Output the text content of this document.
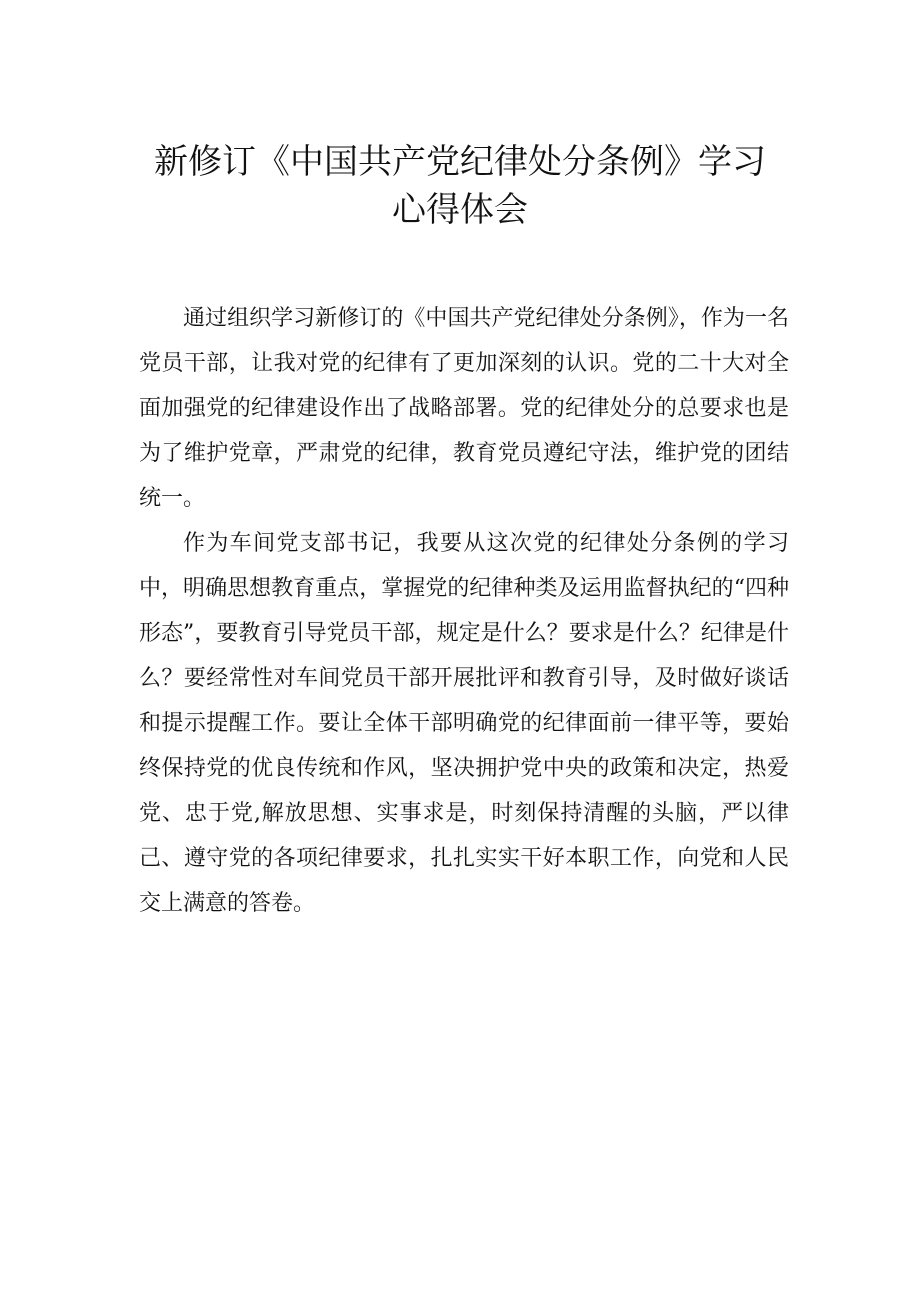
新修订《中国共产党纪律处分条例》学习
心得体会

通过组织学习新修订的《中国共产党纪律处分条例》，作为一名党员干部，让我对党的纪律有了更加深刻的认识。党的二十大对全面加强党的纪律建设作出了战略部署。党的纪律处分的总要求也是为了维护党章，严肃党的纪律，教育党员遵纪守法，维护党的团结统一。

作为车间党支部书记，我要从这次党的纪律处分条例的学习中，明确思想教育重点，掌握党的纪律种类及运用监督执纪的“四种形态”，要教育引导党员干部，规定是什么？要求是什么？纪律是什么？要经常性对车间党员干部开展批评和教育引导，及时做好谈话和提示提醒工作。要让全体干部明确党的纪律面前一律平等，要始终保持党的优良传统和作风，坚决拥护党中央的政策和决定，热爱党、忠于党,解放思想、实事求是，时刻保持清醒的头脑，严以律己、遵守党的各项纪律要求，扎扎实实干好本职工作，向党和人民交上满意的答卷。
